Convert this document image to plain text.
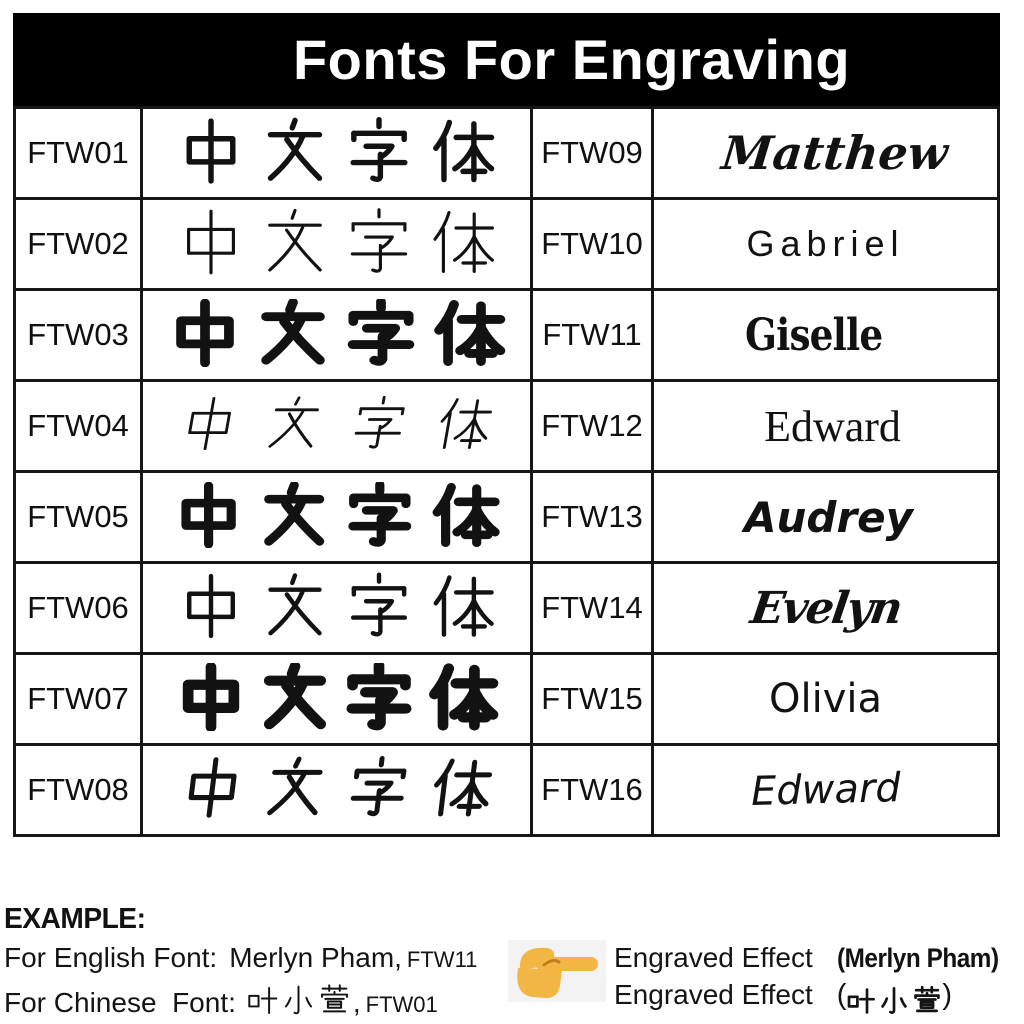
Fonts For Engraving
FTW01		FTW09	Matthew
FTW02		FTW10	Gabriel
FTW03		FTW11	Giselle
FTW04		FTW12	Edward
FTW05		FTW13	Audrey
FTW06		FTW14	Evelyn
FTW07		FTW15	Olivia
FTW08		FTW16	Edward
EXAMPLE:
For English Font: Merlyn Pham, FTW11
For Chinese  Font:	, FTW01
Engraved Effect (Merlyn Pham)
Engraved Effect (	)
